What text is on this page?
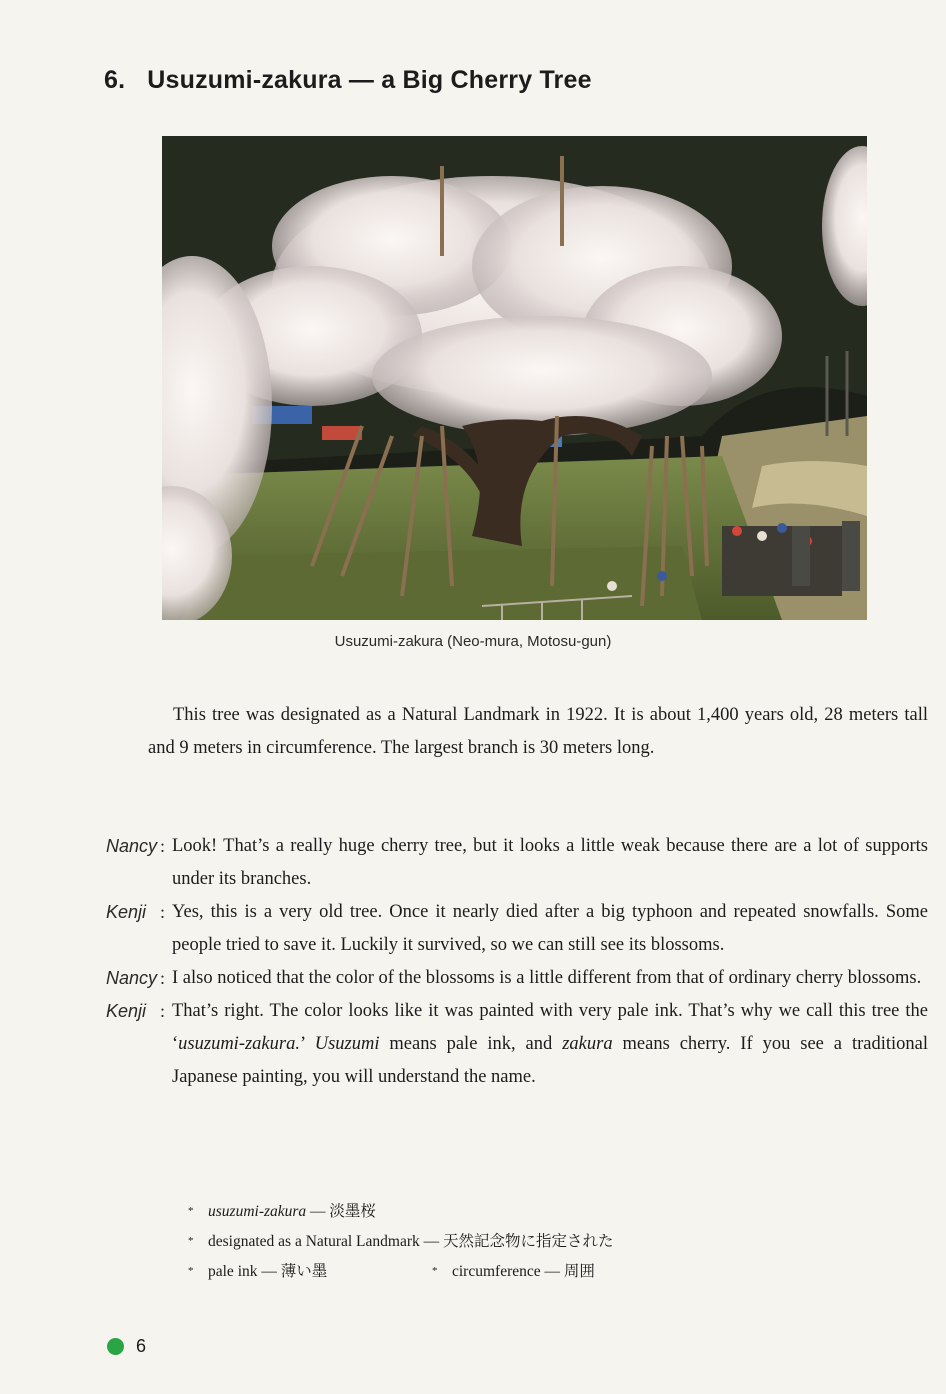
6. Usuzumi-zakura — a Big Cherry Tree
Usuzumi-zakura (Neo-mura, Motosu-gun)
This tree was designated as a Natural Landmark in 1922. It is about 1,400 years old, 28 meters tall and 9 meters in circumference. The largest branch is 30 meters long.
Nancy : Look! That’s a really huge cherry tree, but it looks a little weak because there are a lot of supports under its branches.
Kenji : Yes, this is a very old tree. Once it nearly died after a big typhoon and repeated snowfalls. Some people tried to save it. Luckily it survived, so we can still see its blossoms.
Nancy : I also noticed that the color of the blossoms is a little different from that of ordinary cherry blossoms.
Kenji : That’s right. The color looks like it was painted with very pale ink. That’s why we call this tree the ‘usuzumi-zakura.’ Usuzumi means pale ink, and zakura means cherry. If you see a traditional Japanese painting, you will understand the name.
* usuzumi-zakura — 淡墨桜
* designated as a Natural Landmark — 天然記念物に指定された
* pale ink — 薄い墨	* circumference — 周囲
6
